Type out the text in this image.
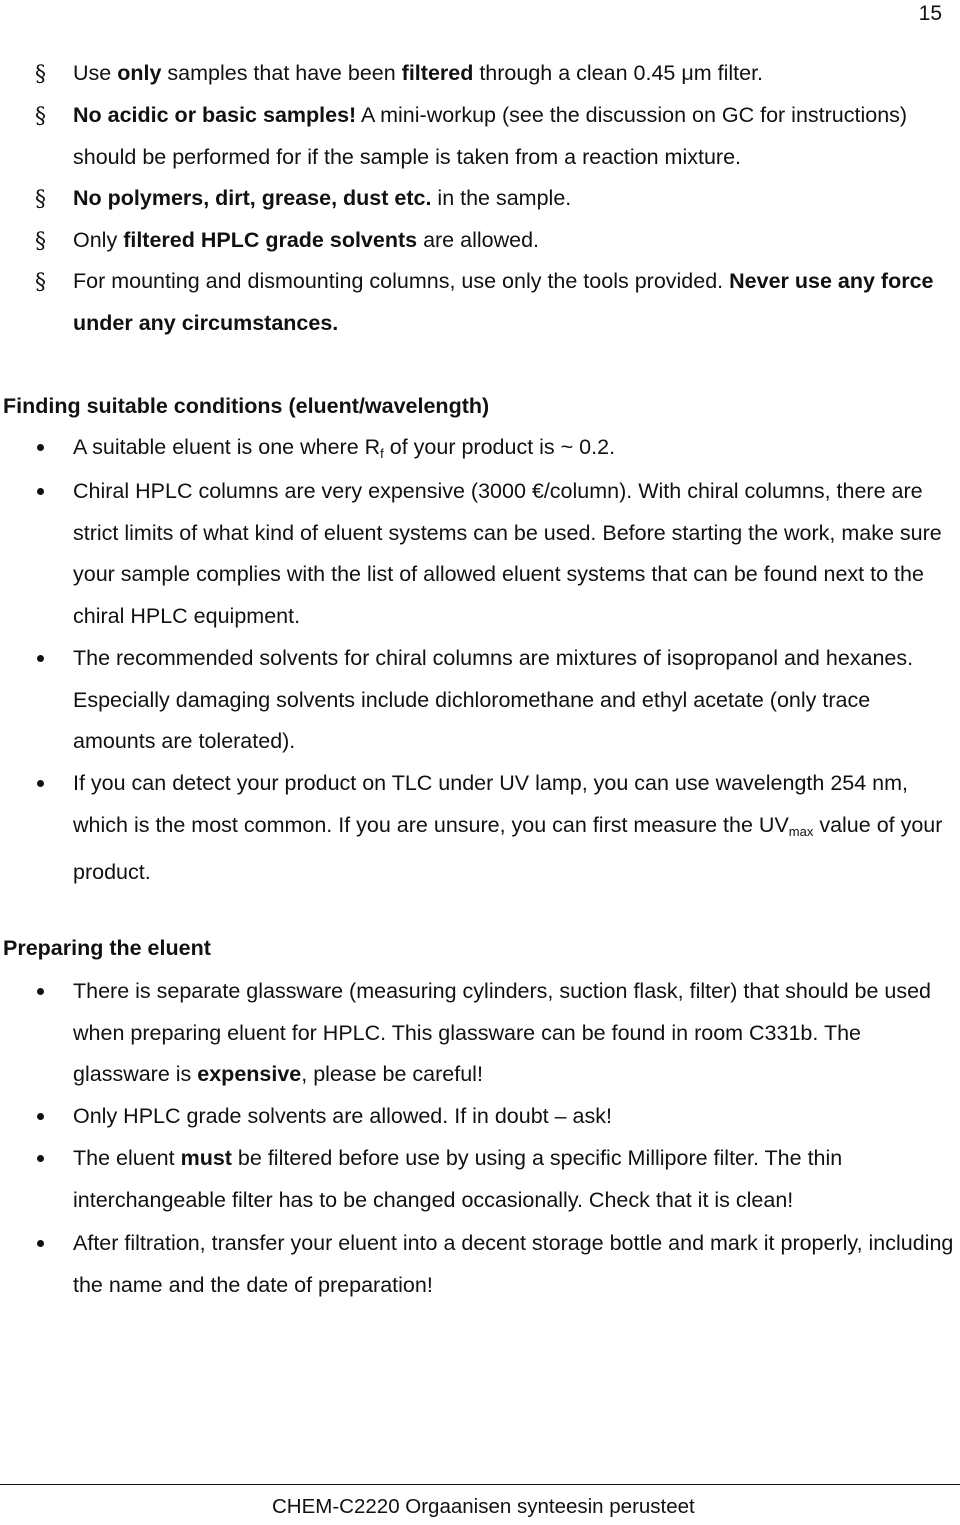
15
§ Use only samples that have been filtered through a clean 0.45 μm filter.
§ No acidic or basic samples! A mini-workup (see the discussion on GC for instructions) should be performed for if the sample is taken from a reaction mixture.
§ No polymers, dirt, grease, dust etc. in the sample.
§ Only filtered HPLC grade solvents are allowed.
§ For mounting and dismounting columns, use only the tools provided. Never use any force under any circumstances.
Finding suitable conditions (eluent/wavelength)
A suitable eluent is one where $R_f$ of your product is ~ 0.2.
Chiral HPLC columns are very expensive (3000 €/column). With chiral columns, there are strict limits of what kind of eluent systems can be used. Before starting the work, make sure your sample complies with the list of allowed eluent systems that can be found next to the chiral HPLC equipment.
The recommended solvents for chiral columns are mixtures of isopropanol and hexanes. Especially damaging solvents include dichloromethane and ethyl acetate (only trace amounts are tolerated).
If you can detect your product on TLC under UV lamp, you can use wavelength 254 nm, which is the most common. If you are unsure, you can first measure the $UV_{max}$ value of your product.
Preparing the eluent
There is separate glassware (measuring cylinders, suction flask, filter) that should be used when preparing eluent for HPLC. This glassware can be found in room C331b. The glassware is expensive, please be careful!
Only HPLC grade solvents are allowed. If in doubt – ask!
The eluent must be filtered before use by using a specific Millipore filter. The thin interchangeable filter has to be changed occasionally. Check that it is clean!
After filtration, transfer your eluent into a decent storage bottle and mark it properly, including the name and the date of preparation!
CHEM-C2220 Orgaanisen synteesin perusteet
